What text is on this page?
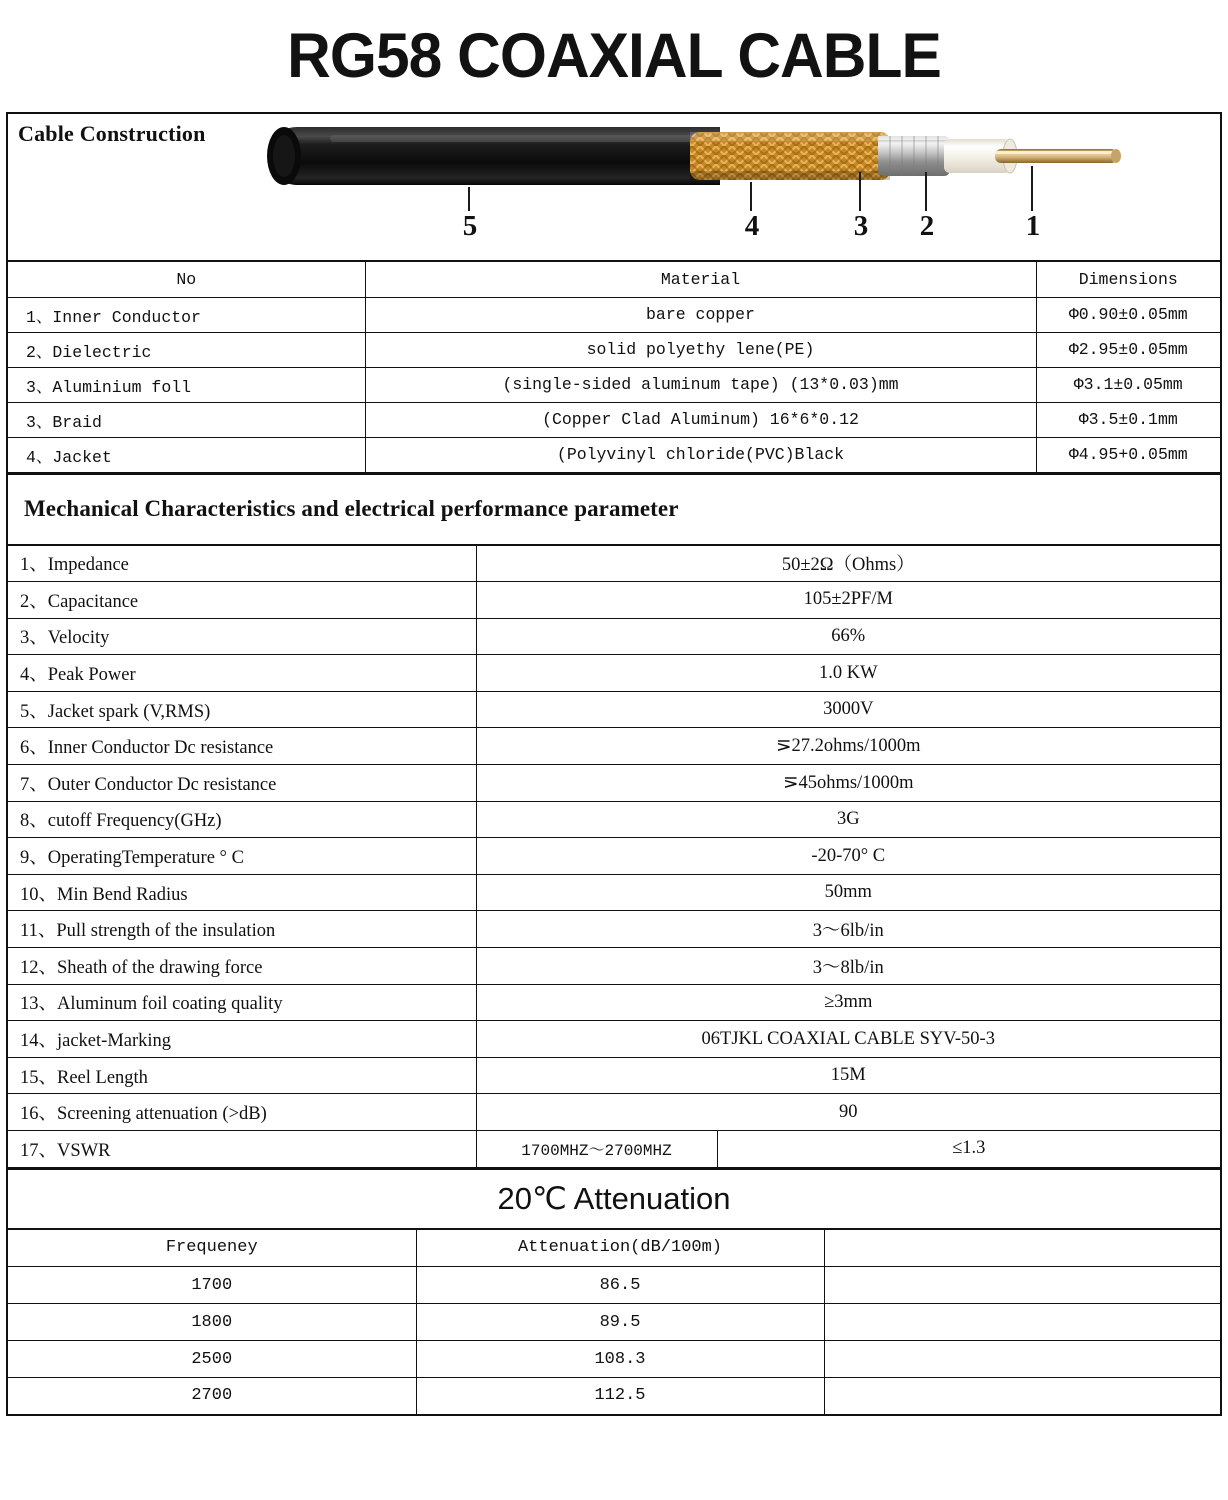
RG58 COAXIAL CABLE
Cable Construction
5	4	3 2	1
No	Material	Dimensions
1、Inner Conductor	bare copper	Φ0.90±0.05mm
2、Dielectric	solid polyethy lene(PE)	Φ2.95±0.05mm
3、Aluminium foll	(single-sided aluminum tape) (13*0.03)mm	Φ3.1±0.05mm
3、Braid	(Copper Clad Aluminum) 16*6*0.12	Φ3.5±0.1mm
4、Jacket	(Polyvinyl chloride(PVC)Black	Φ4.95+0.05mm
Mechanical Characteristics and electrical performance parameter
1、Impedance	50±2Ω（Ohms）	
2、Capacitance	105±2PF/M	
3、Velocity	66%	
4、Peak Power	1.0 KW	
5、Jacket spark (V,RMS)	3000V	
6、Inner Conductor Dc resistance	⋝27.2ohms/1000m	
7、Outer Conductor Dc resistance	⋝45ohms/1000m	
8、cutoff Frequency(GHz)	3G	
9、OperatingTemperature ° C	-20-70° C	
10、Min Bend Radius	50mm	
11、Pull strength of the insulation	3～6lb/in	
12、Sheath of the drawing force	3～8lb/in	
13、Aluminum foil coating quality	≥3mm	
14、jacket-Marking	06TJKL COAXIAL CABLE SYV-50-3	
15、Reel Length	15M	
16、Screening attenuation (>dB)	90	
17、VSWR	1700MHZ～2700MHZ	≤1.3
20℃ Attenuation
Frequeney	Attenuation(dB/100m)	
1700	86.5	
1800	89.5	
2500	108.3	
2700	112.5	
